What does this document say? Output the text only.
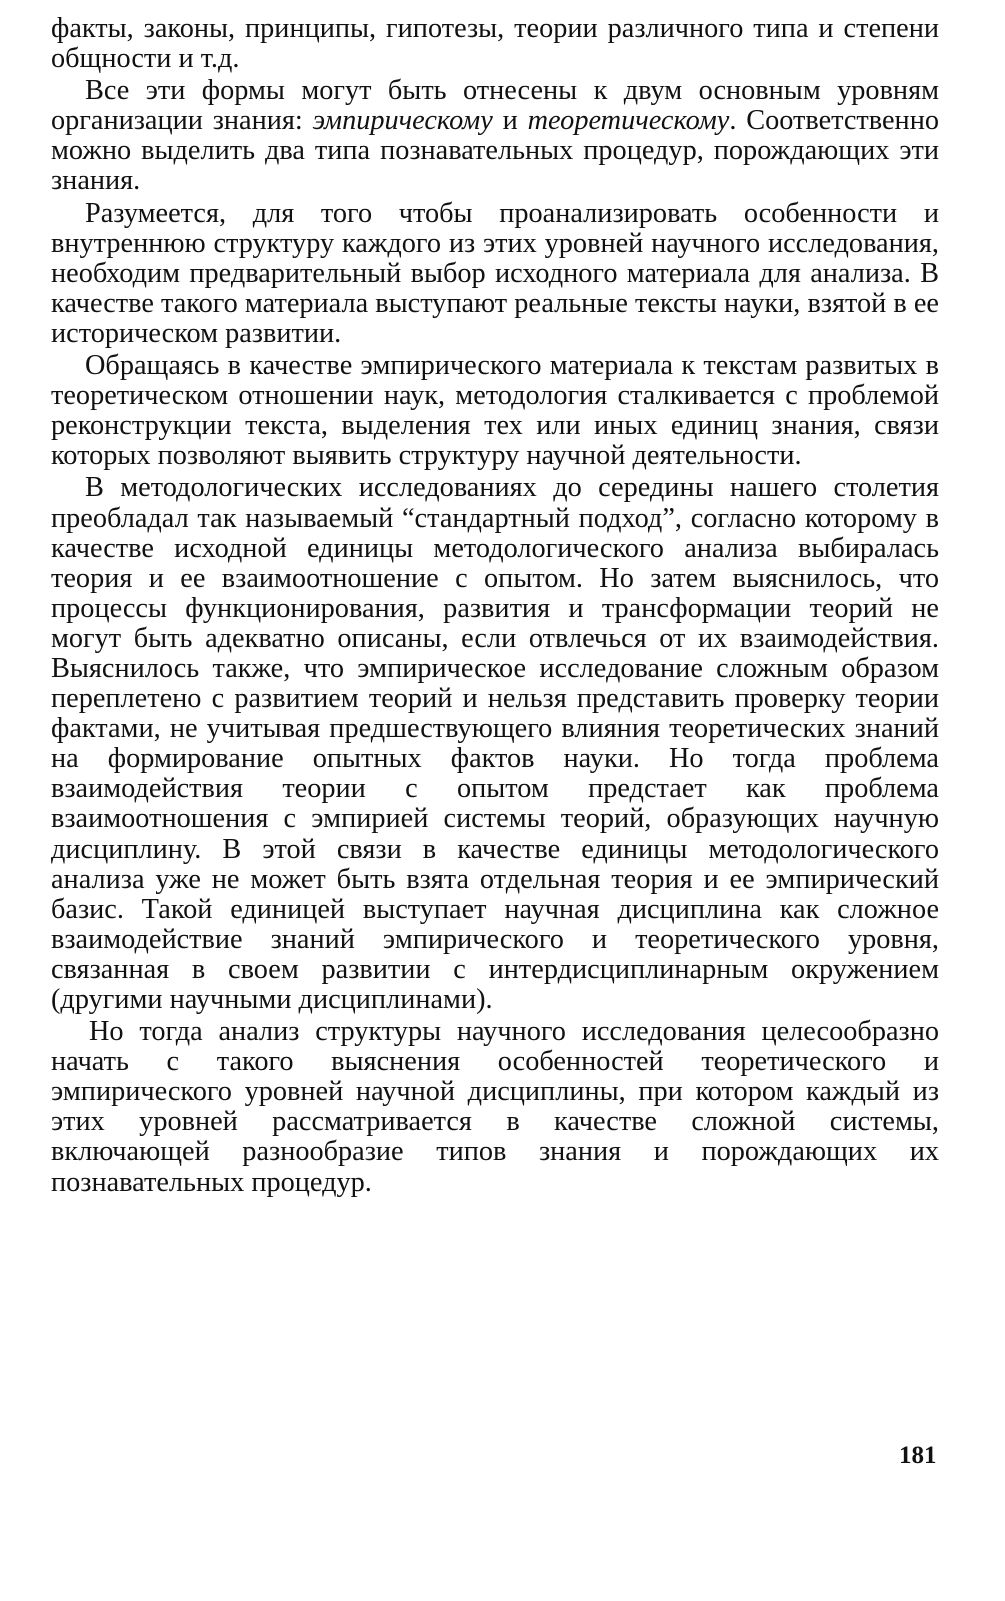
факты, законы, принципы, гипотезы, теории различного типа и степени общности и т.д.

Все эти формы могут быть отнесены к двум основным уровням организации знания: эмпирическому и теоретическому. Соответственно можно выделить два типа познавательных процедур, порождающих эти знания.

Разумеется, для того чтобы проанализировать особенности и внутреннюю структуру каждого из этих уровней научного исследования, необходим предварительный выбор исходного материала для анализа. В качестве такого материала выступают реальные тексты науки, взятой в ее историческом развитии.

Обращаясь в качестве эмпирического материала к текстам развитых в теоретическом отношении наук, методология сталкивается с проблемой реконструкции текста, выделения тех или иных единиц знания, связи которых позволяют выявить структуру научной деятельности.

В методологических исследованиях до середины нашего столетия преобладал так называемый “стандартный подход”, согласно которому в качестве исходной единицы методологического анализа выбиралась теория и ее взаимоотношение с опытом. Но затем выяснилось, что процессы функционирования, развития и трансформации теорий не могут быть адекватно описаны, если отвлечься от их взаимодействия. Выяснилось также, что эмпирическое исследование сложным образом переплетено с развитием теорий и нельзя представить проверку теории фактами, не учитывая предшествующего влияния теоретических знаний на формирование опытных фактов науки. Но тогда проблема взаимодействия теории с опытом предстает как проблема взаимоотношения с эмпирией системы теорий, образующих научную дисциплину. В этой связи в качестве единицы методологического анализа уже не может быть взята отдельная теория и ее эмпирический базис. Такой единицей выступает научная дисциплина как сложное взаимодействие знаний эмпирического и теоретического уровня, связанная в своем развитии с интердисциплинарным окружением (другими научными дисциплинами).

Но тогда анализ структуры научного исследования целесообразно начать с такого выяснения особенностей теоретического и эмпирического уровней научной дисциплины, при котором каждый из этих уровней рассматривается в качестве сложной системы, включающей разнообразие типов знания и порождающих их познавательных процедур.

181
